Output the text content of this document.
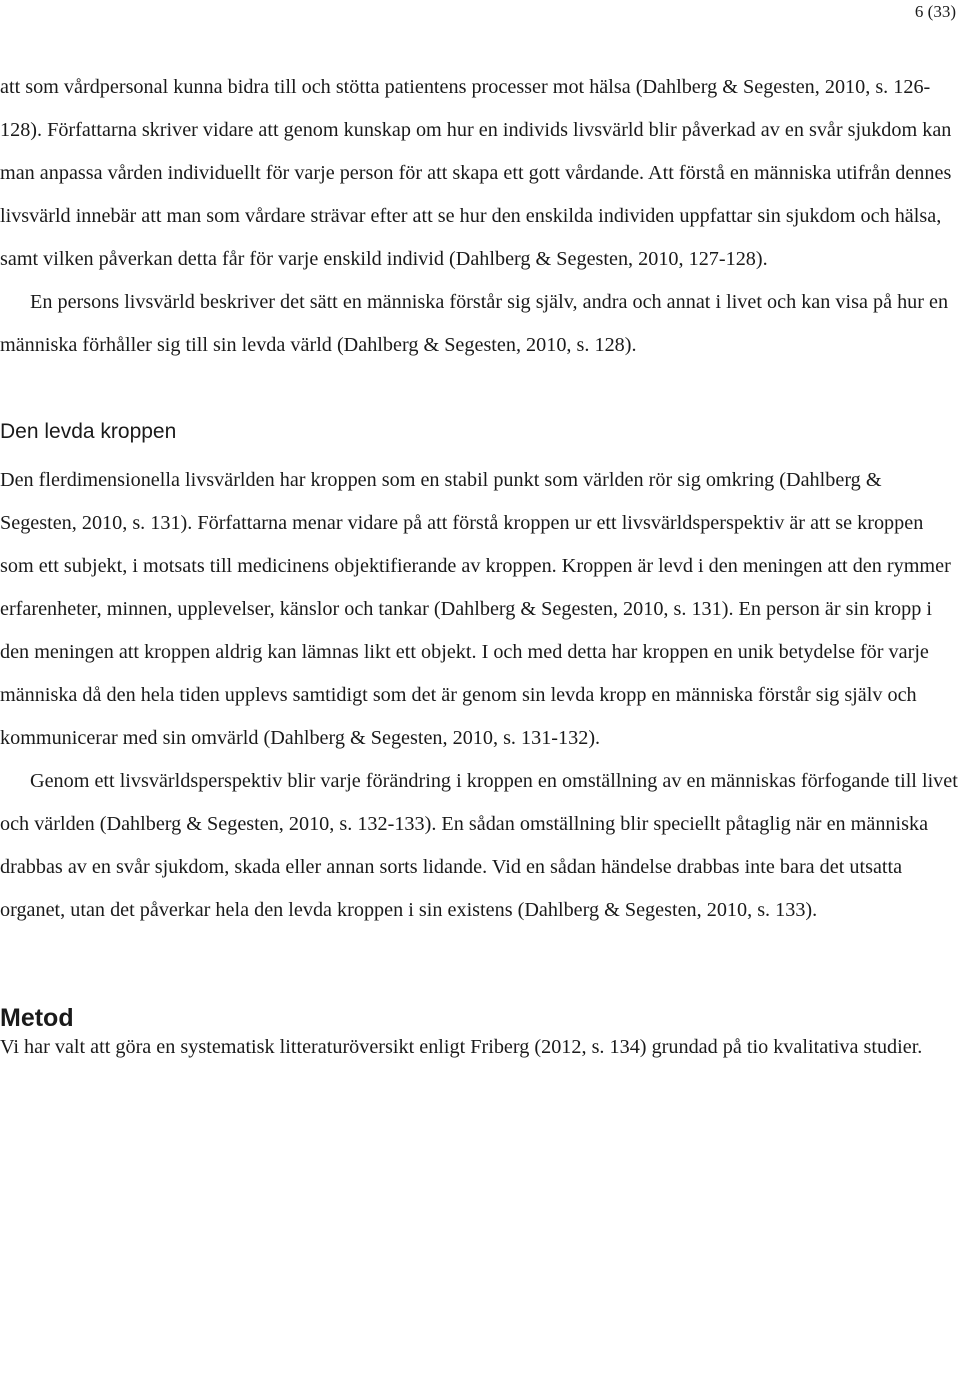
6 (33)

att som vårdpersonal kunna bidra till och stötta patientens processer mot hälsa (Dahlberg & Segesten, 2010, s. 126-128). Författarna skriver vidare att genom kunskap om hur en individs livsvärld blir påverkad av en svår sjukdom kan man anpassa vården individuellt för varje person för att skapa ett gott vårdande. Att förstå en människa utifrån dennes livsvärld innebär att man som vårdare strävar efter att se hur den enskilda individen uppfattar sin sjukdom och hälsa, samt vilken påverkan detta får för varje enskild individ (Dahlberg & Segesten, 2010, 127-128).

En persons livsvärld beskriver det sätt en människa förstår sig själv, andra och annat i livet och kan visa på hur en människa förhåller sig till sin levda värld (Dahlberg & Segesten, 2010, s. 128).

Den levda kroppen

Den flerdimensionella livsvärlden har kroppen som en stabil punkt som världen rör sig omkring (Dahlberg & Segesten, 2010, s. 131). Författarna menar vidare på att förstå kroppen ur ett livsvärldsperspektiv är att se kroppen som ett subjekt, i motsats till medicinens objektifierande av kroppen. Kroppen är levd i den meningen att den rymmer erfarenheter, minnen, upplevelser, känslor och tankar (Dahlberg & Segesten, 2010, s. 131). En person är sin kropp i den meningen att kroppen aldrig kan lämnas likt ett objekt. I och med detta har kroppen en unik betydelse för varje människa då den hela tiden upplevs samtidigt som det är genom sin levda kropp en människa förstår sig själv och kommunicerar med sin omvärld (Dahlberg & Segesten, 2010, s. 131-132).

Genom ett livsvärldsperspektiv blir varje förändring i kroppen en omställning av en människas förfogande till livet och världen (Dahlberg & Segesten, 2010, s. 132-133). En sådan omställning blir speciellt påtaglig när en människa drabbas av en svår sjukdom, skada eller annan sorts lidande. Vid en sådan händelse drabbas inte bara det utsatta organet, utan det påverkar hela den levda kroppen i sin existens (Dahlberg & Segesten, 2010, s. 133).

Metod

Vi har valt att göra en systematisk litteraturöversikt enligt Friberg (2012, s. 134) grundad på tio kvalitativa studier.
